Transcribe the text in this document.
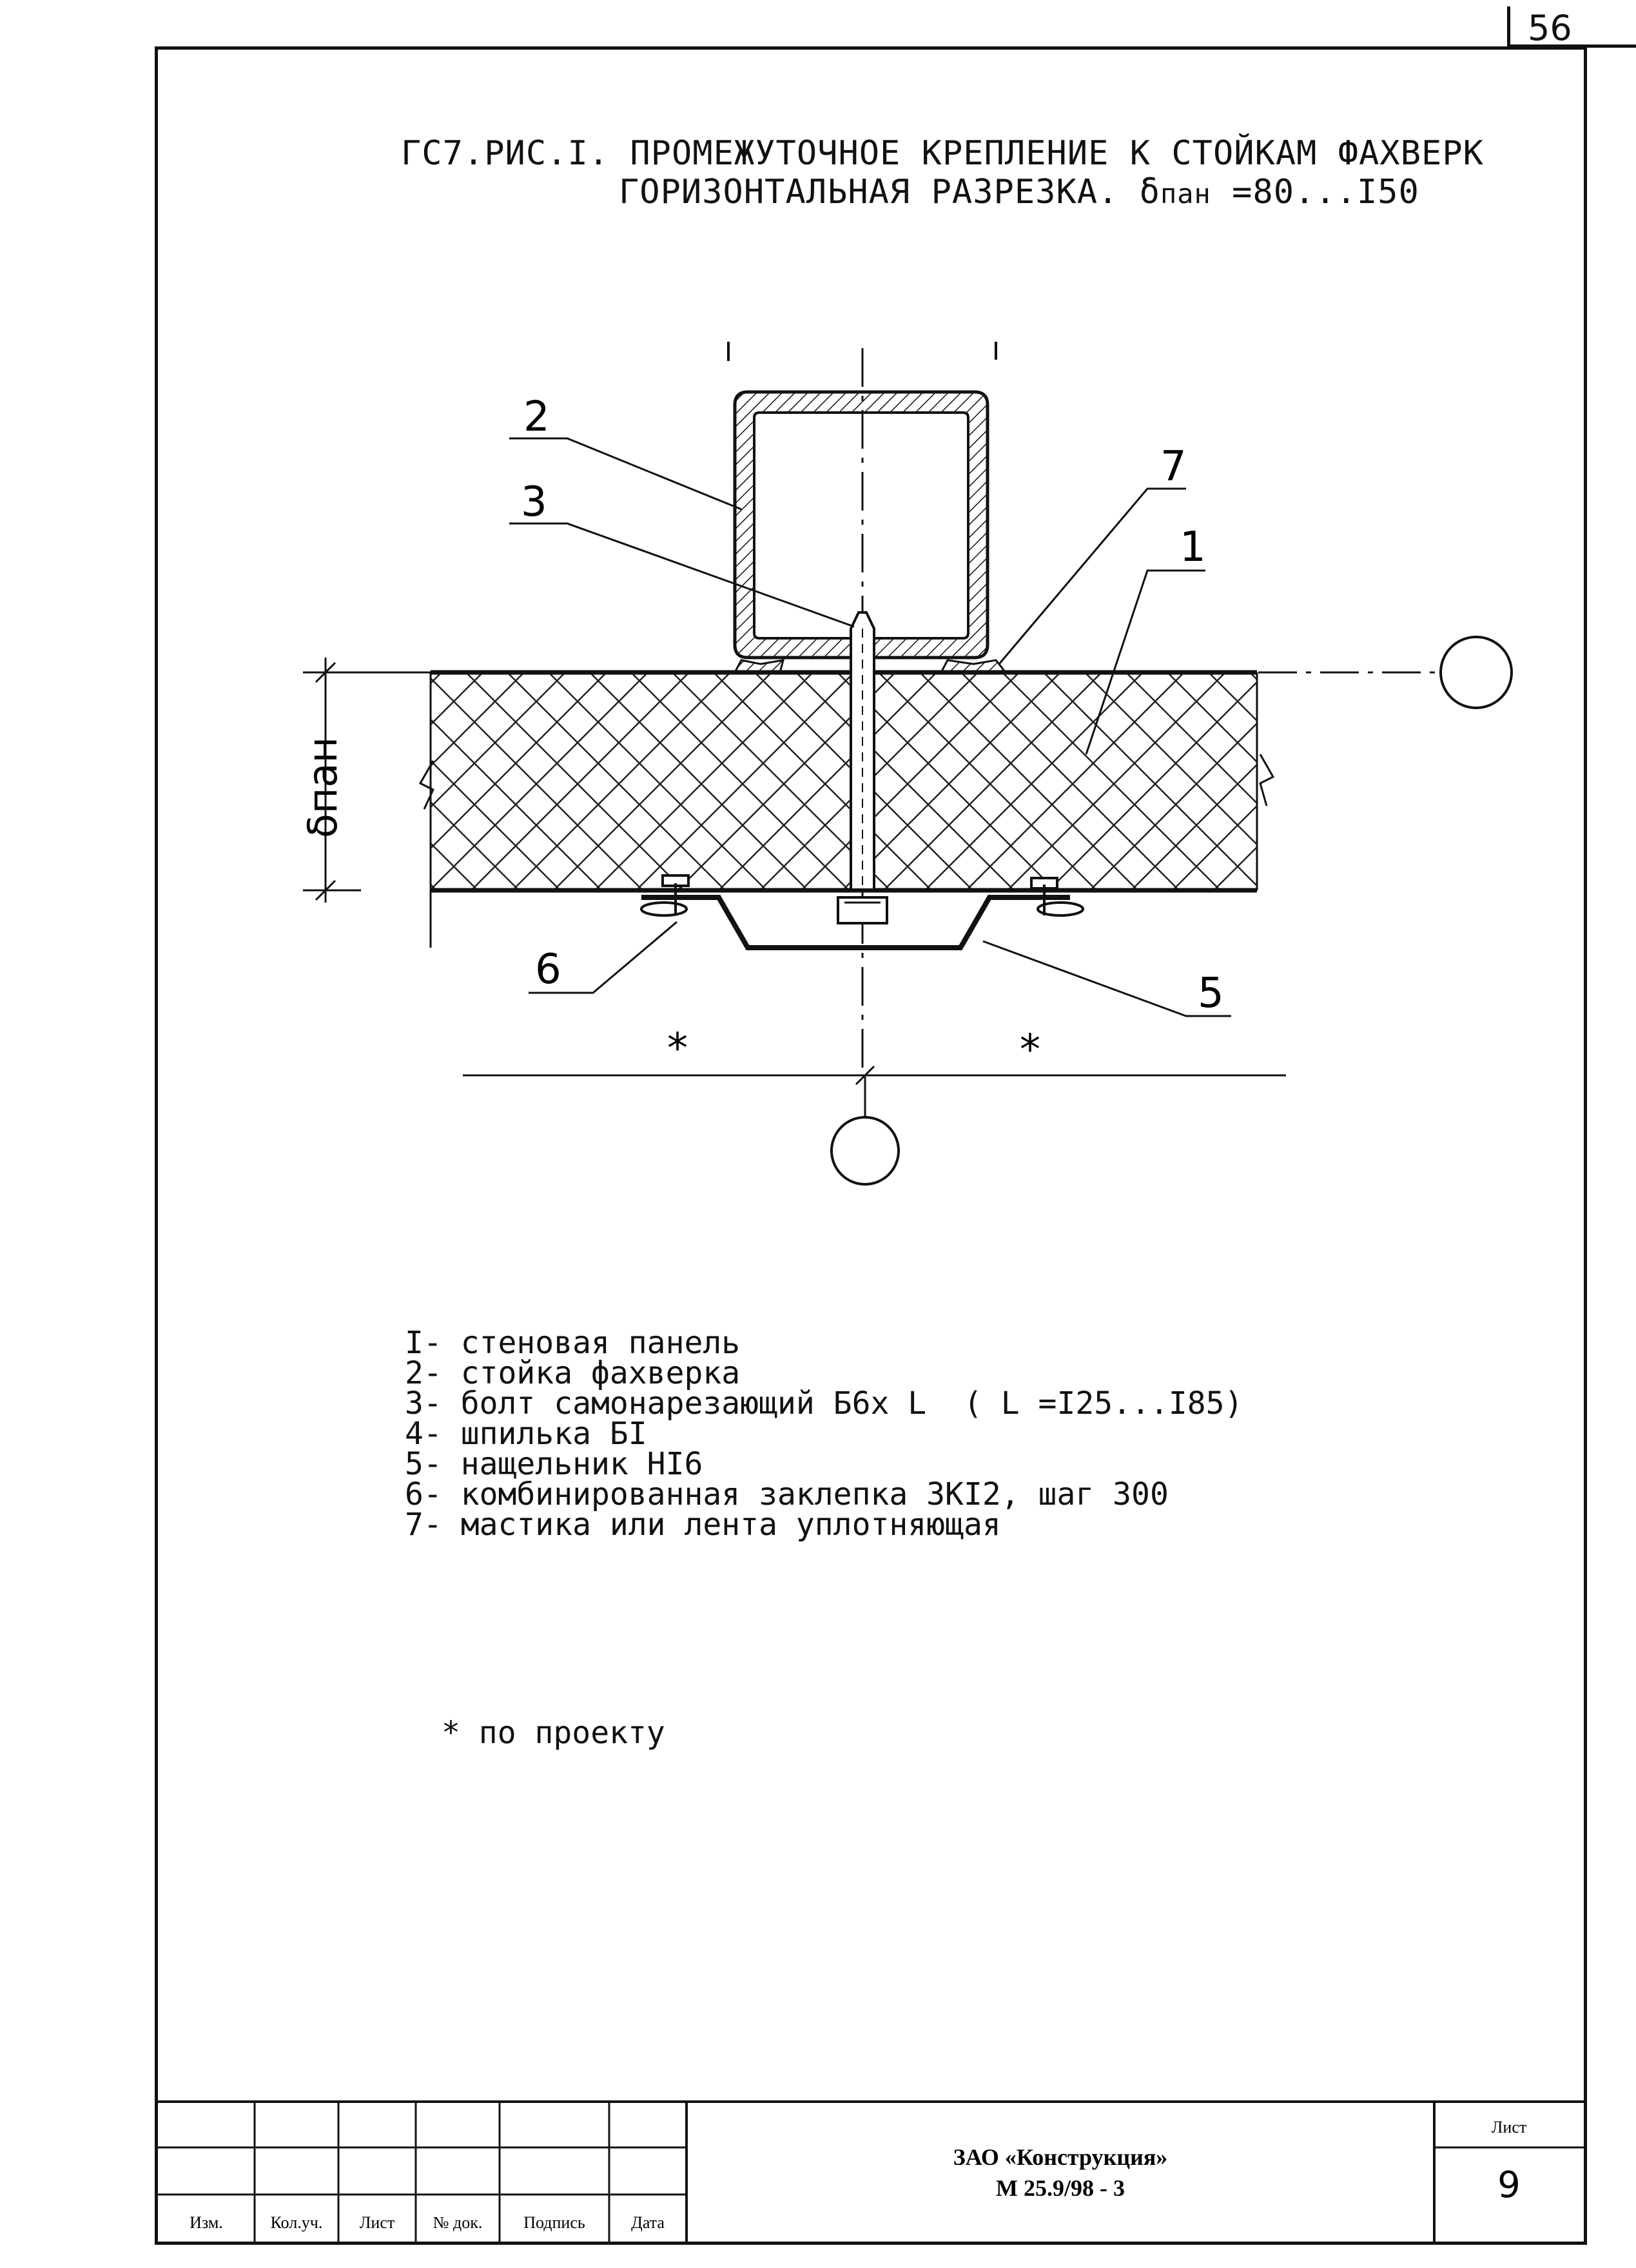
56
ГС7.РИС.I. ПРОМЕЖУТОЧНОЕ КРЕПЛЕНИЕ К СТОЙКАМ ФАХВЕРК
ГОРИЗОНТАЛЬНАЯ РАЗРЕЗКА. δпан =80...I50
δпан
*	*
2
3
7
1
6	5
I- стеновая панель
2- стойка фахверка
3- болт самонарезающий Б6х L  ( L =I25...I85)
4- шпилька БI
5- нащельник НI6
6- комбинированная заклепка ЗКI2, шаг 300
7- мастика или лента уплотняющая
* по проекту
Изм.	Кол.уч. Лист № док. Подпись	Дата
ЗАО «Конструкция»
М 25.9/98 - 3
Лист
9
